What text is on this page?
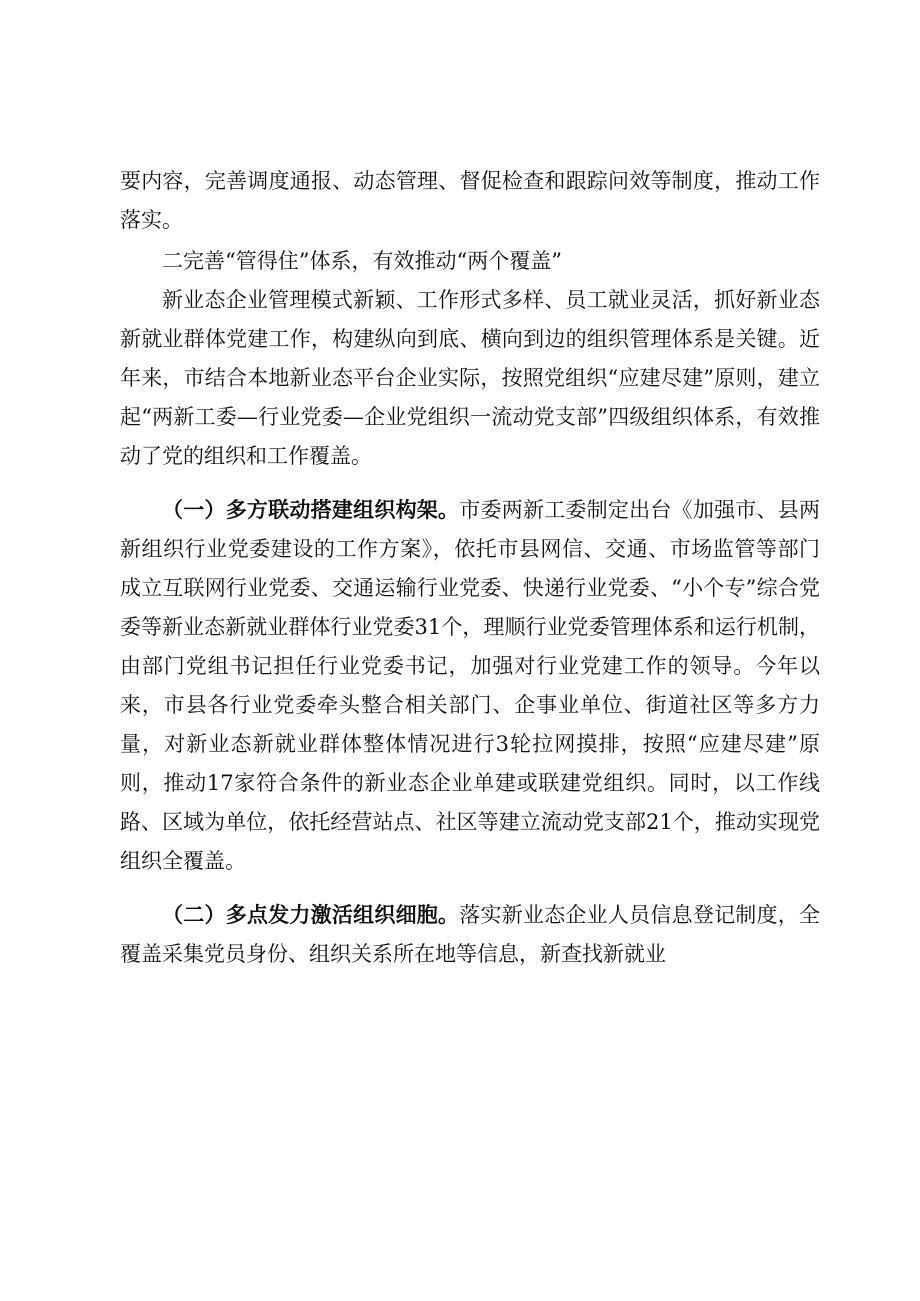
要内容，完善调度通报、动态管理、督促检查和跟踪问效等制度，推动工作落实。

二完善“管得住”体系，有效推动“两个覆盖”

新业态企业管理模式新颖、工作形式多样、员工就业灵活，抓好新业态新就业群体党建工作，构建纵向到底、横向到边的组织管理体系是关键。近年来，市结合本地新业态平台企业实际，按照党组织“应建尽建”原则，建立起“两新工委—行业党委—企业党组织一流动党支部”四级组织体系，有效推动了党的组织和工作覆盖。

（一）多方联动搭建组织构架。市委两新工委制定出台《加强市、县两新组织行业党委建设的工作方案》，依托市县网信、交通、市场监管等部门成立互联网行业党委、交通运输行业党委、快递行业党委、“小个专”综合党委等新业态新就业群体行业党委31个，理顺行业党委管理体系和运行机制，由部门党组书记担任行业党委书记，加强对行业党建工作的领导。今年以来，市县各行业党委牵头整合相关部门、企事业单位、街道社区等多方力量，对新业态新就业群体整体情况进行3轮拉网摸排，按照“应建尽建”原则，推动17家符合条件的新业态企业单建或联建党组织。同时，以工作线路、区域为单位，依托经营站点、社区等建立流动党支部21个，推动实现党组织全覆盖。

（二）多点发力激活组织细胞。落实新业态企业人员信息登记制度，全覆盖采集党员身份、组织关系所在地等信息，新查找新就业
